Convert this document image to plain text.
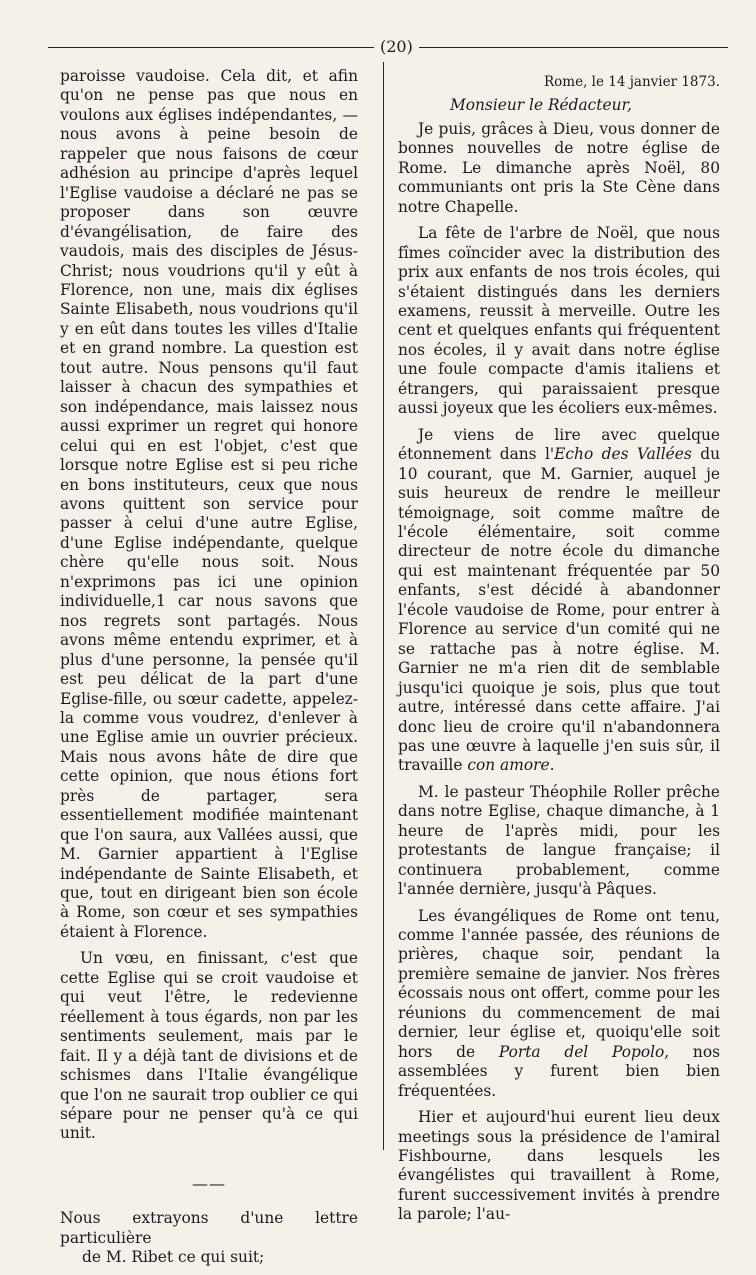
(20)

paroisse vaudoise. Cela dit, et afin qu'on ne pense pas que nous en voulons aux églises indépendantes, — nous avons à peine besoin de rappeler que nous faisons de cœur adhésion au principe d'après lequel l'Eglise vaudoise a déclaré ne pas se proposer dans son œuvre d'évangélisation, de faire des vaudois, mais des disciples de Jésus-Christ; nous voudrions qu'il y eût à Florence, non une, mais dix églises Sainte Elisabeth, nous voudrions qu'il y en eût dans toutes les villes d'Italie et en grand nombre. La question est tout autre. Nous pensons qu'il faut laisser à chacun des sympathies et son indépendance, mais laissez nous aussi exprimer un regret qui honore celui qui en est l'objet, c'est que lorsque notre Eglise est si peu riche en bons instituteurs, ceux que nous avons quittent son service pour passer à celui d'une autre Eglise, d'une Eglise indépendante, quelque chère qu'elle nous soit. Nous n'exprimons pas ici une opinion individuelle,1 car nous savons que nos regrets sont partagés. Nous avons même entendu exprimer, et à plus d'une personne, la pensée qu'il est peu délicat de la part d'une Eglise-fille, ou sœur cadette, appelez-la comme vous voudrez, d'enlever à une Eglise amie un ouvrier précieux. Mais nous avons hâte de dire que cette opinion, que nous étions fort près de partager, sera essentiellement modifiée maintenant que l'on saura, aux Vallées aussi, que M. Garnier appartient à l'Eglise indépendante de Sainte Elisabeth, et que, tout en dirigeant bien son école à Rome, son cœur et ses sympathies étaient à Florence.

Un vœu, en finissant, c'est que cette Eglise qui se croit vaudoise et qui veut l'être, le redevienne réellement à tous égards, non par les sentiments seulement, mais par le fait. Il y a déjà tant de divisions et de schismes dans l'Italie évangélique que l'on ne saurait trop oublier ce qui sépare pour ne penser qu'à ce qui unit.

——

Nous extrayons d'une lettre particulière
de M. Ribet ce qui suit;

Rome, le 14 janvier 1873.
Monsieur le Rédacteur,

Je puis, grâces à Dieu, vous donner de bonnes nouvelles de notre église de Rome. Le dimanche après Noël, 80 communiants ont pris la Ste Cène dans notre Chapelle.

La fête de l'arbre de Noël, que nous fîmes coïncider avec la distribution des prix aux enfants de nos trois écoles, qui s'étaient distingués dans les derniers examens, reussit à merveille. Outre les cent et quelques enfants qui fréquentent nos écoles, il y avait dans notre église une foule compacte d'amis italiens et étrangers, qui paraissaient presque aussi joyeux que les écoliers eux-mêmes.

Je viens de lire avec quelque étonnement dans l'Echo des Vallées du 10 courant, que M. Garnier, auquel je suis heureux de rendre le meilleur témoignage, soit comme maître de l'école élémentaire, soit comme directeur de notre école du dimanche qui est maintenant fréquentée par 50 enfants, s'est décidé à abandonner l'école vaudoise de Rome, pour entrer à Florence au service d'un comité qui ne se rattache pas à notre église. M. Garnier ne m'a rien dit de semblable jusqu'ici quoique je sois, plus que tout autre, intéressé dans cette affaire. J'ai donc lieu de croire qu'il n'abandonnera pas une œuvre à laquelle j'en suis sûr, il travaille con amore.

M. le pasteur Théophile Roller prêche dans notre Eglise, chaque dimanche, à 1 heure de l'après midi, pour les protestants de langue française; il continuera probablement, comme l'année dernière, jusqu'à Pâques.

Les évangéliques de Rome ont tenu, comme l'année passée, des réunions de prières, chaque soir, pendant la première semaine de janvier. Nos frères écossais nous ont offert, comme pour les réunions du commencement de mai dernier, leur église et, quoiqu'elle soit hors de Porta del Popolo, nos assemblées y furent bien bien fréquentées.

Hier et aujourd'hui eurent lieu deux meetings sous la présidence de l'amiral Fishbourne, dans lesquels les évangélistes qui travaillent à Rome, furent successivement invités à prendre la parole; l'au-
